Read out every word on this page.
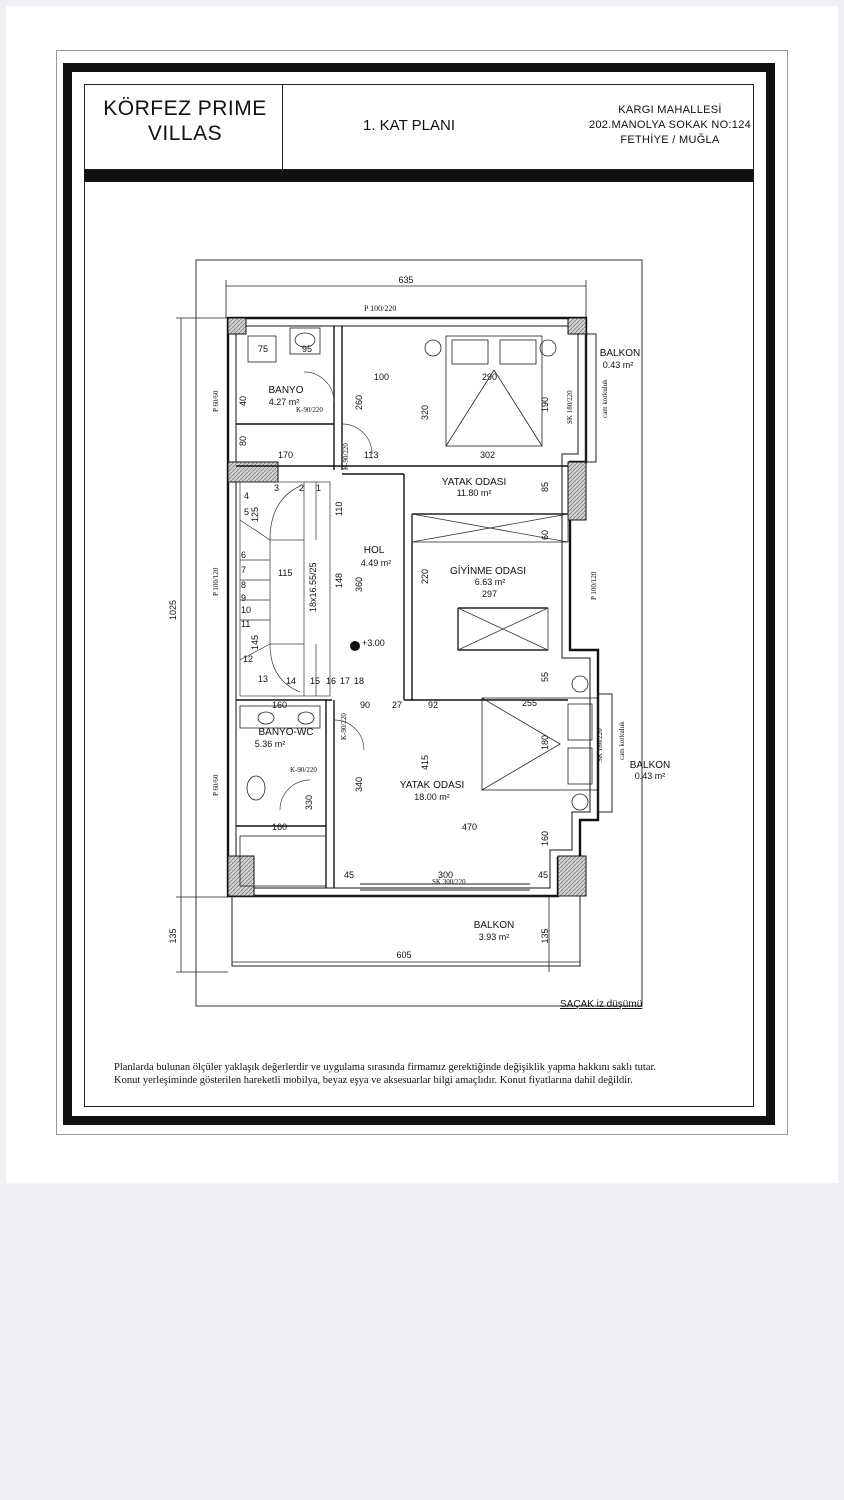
KÖRFEZ PRIME
VILLAS	1. KAT PLANI
KARGI MAHALLESİ
202.MANOLYA SOKAK NO:124
FETHİYE / MUĞLA
BANYO
4.27 m²
YATAK ODASI
11.80 m²
HOL
4.49 m²
GİYİNME ODASI
6.63 m²
BANYO-WC
5.36 m²
YATAK ODASI
18.00 m²
BALKON
0.43 m²
BALKON
0.43 m²
BALKON
3.93 m²
635
1025
135
605
135
75	95
100	290
260
320
190
302
170	113
85
125	110
115	148 360
220
297
145
160	90 27	92	255
180
415
340
330
160	470
160
300
45	45
55
60
40
80
18x16.55/25
+3.00
P 100/220
P 60/60
P 100/120
P 60/60
P 100/120
K-90/220
K-90/220
K-90/220
K-90/220
SK 180/220
SK 180/220
SK 300/220
cam korkuluk
cam korkuluk
1
2
3
4
5
6
7
8
9
10
11
12
13 14 15 16 17 18
SAÇAK iz düşümü
Planlarda bulunan ölçüler yaklaşık değerlerdir ve uygulama sırasında firmamız gerektiğinde değişiklik yapma hakkını saklı tutar.
Konut yerleşiminde gösterilen hareketli mobilya, beyaz eşya ve aksesuarlar bilgi amaçlıdır. Konut fiyatlarına dahil değildir.
